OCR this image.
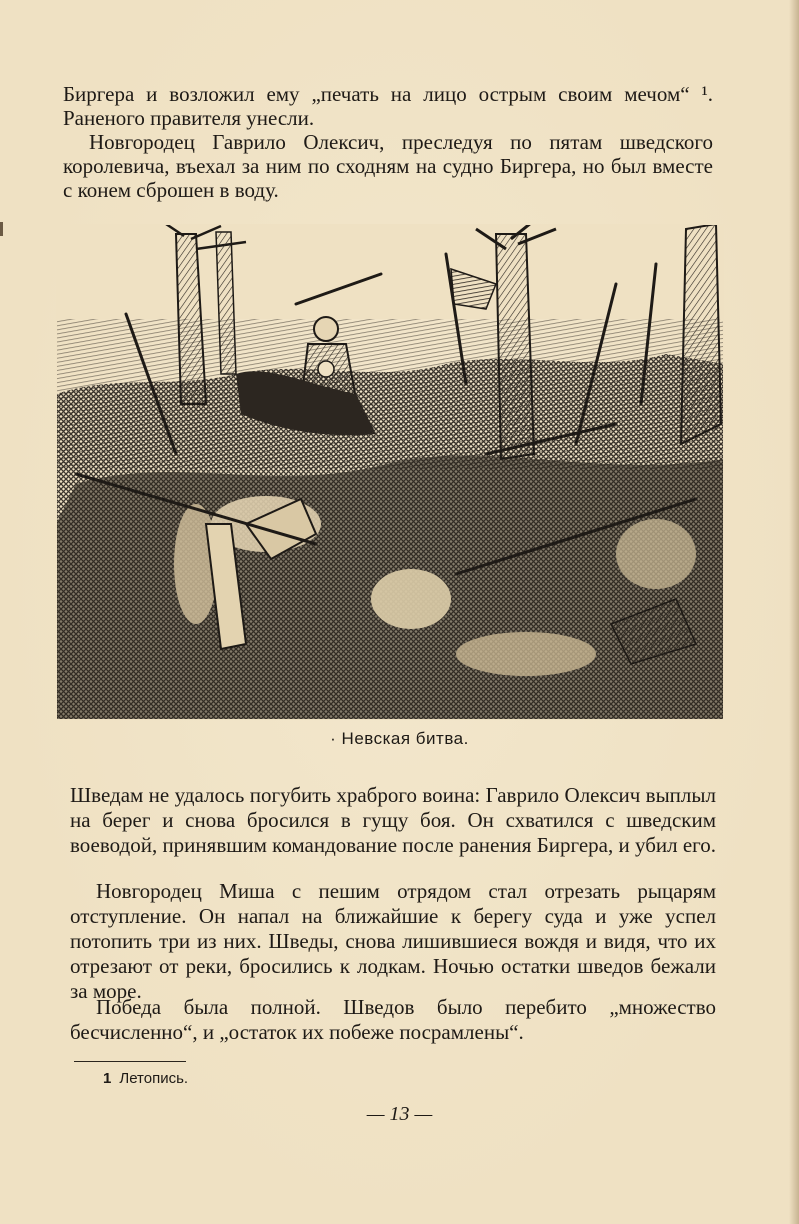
Биргера и возложил ему „печать на лицо острым своим мечом“ ¹. Раненого правителя унесли.

Новгородец Гаврило Олексич, преследуя по пятам шведского королевича, въехал за ним по сходням на судно Биргера, но был вместе с конем сброшен в воду.

· Невская битва.

Шведам не удалось погубить храброго воина: Гаврило Олексич выплыл на берег и снова бросился в гущу боя. Он схватился с шведским воеводой, принявшим командование после ранения Биргера, и убил его.

Новгородец Миша с пешим отрядом стал отрезать рыцарям отступление. Он напал на ближайшие к берегу суда и уже успел потопить три из них. Шведы, снова лишившиеся вождя и видя, что их отрезают от реки, бросились к лодкам. Ночью остатки шведов бежали за море.

Победа была полной. Шведов было перебито „множество бесчисленно“, и „остаток их побеже посрамлены“.

1 Летопись.
— 13 —
